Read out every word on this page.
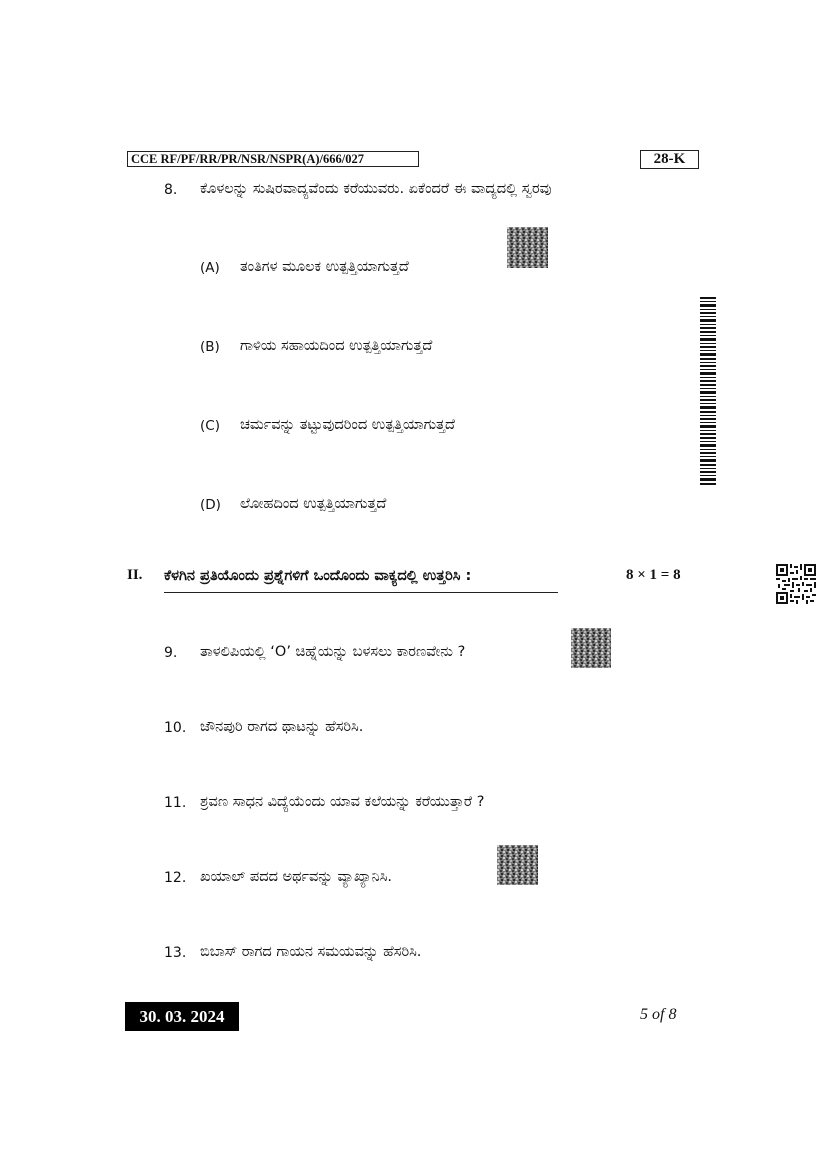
CCE RF/PF/RR/PR/NSR/NSPR(A)/666/027	28-K
8. ಕೊಳಲನ್ನು ಸುಷಿರವಾದ್ಯವೆಂದು ಕರೆಯುವರು. ಏಕೆಂದರೆ ಈ ವಾದ್ಯದಲ್ಲಿ ಸ್ವರವು
(A) ತಂತಿಗಳ ಮೂಲಕ ಉತ್ಪತ್ತಿಯಾಗುತ್ತದೆ
(B) ಗಾಳಿಯ ಸಹಾಯದಿಂದ ಉತ್ಪತ್ತಿಯಾಗುತ್ತದೆ
(C) ಚರ್ಮವನ್ನು ತಟ್ಟುವುದರಿಂದ ಉತ್ಪತ್ತಿಯಾಗುತ್ತದೆ
(D) ಲೋಹದಿಂದ ಉತ್ಪತ್ತಿಯಾಗುತ್ತದೆ
II. ಕೆಳಗಿನ ಪ್ರತಿಯೊಂದು ಪ್ರಶ್ನೆಗಳಿಗೆ ಒಂದೊಂದು ವಾಕ್ಯದಲ್ಲಿ ಉತ್ತರಿಸಿ :	8 × 1 = 8
9. ತಾಳಲಿಪಿಯಲ್ಲಿ ‘O’ ಚಿಹ್ನೆಯನ್ನು ಬಳಸಲು ಕಾರಣವೇನು ?
10. ಜೌನಪುರಿ ರಾಗದ ಥಾಟನ್ನು ಹೆಸರಿಸಿ.
11. ಶ್ರವಣ ಸಾಧನ ವಿದ್ಯೆಯೆಂದು ಯಾವ ಕಲೆಯನ್ನು ಕರೆಯುತ್ತಾರೆ ?
12. ಖಯಾಲ್ ಪದದ ಅರ್ಥವನ್ನು ವ್ಯಾಖ್ಯಾನಿಸಿ.
13. ಬಿಬಾಸ್ ರಾಗದ ಗಾಯನ ಸಮಯವನ್ನು ಹೆಸರಿಸಿ.
30. 03. 2024	5 of 8
